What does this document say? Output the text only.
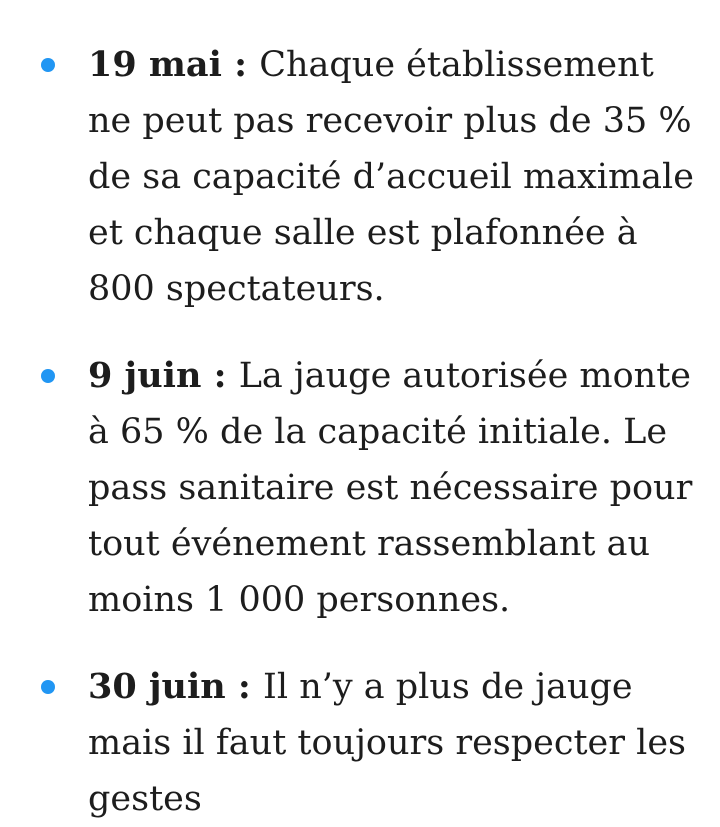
19 mai : Chaque établissement ne peut pas recevoir plus de 35 % de sa capacité d’accueil maximale et chaque salle est plafonnée à 800 spectateurs.
9 juin : La jauge autorisée monte à 65 % de la capacité initiale. Le pass sanitaire est nécessaire pour tout événement rassemblant au moins 1 000 personnes.
30 juin : Il n’y a plus de jauge mais il faut toujours respecter les gestes
